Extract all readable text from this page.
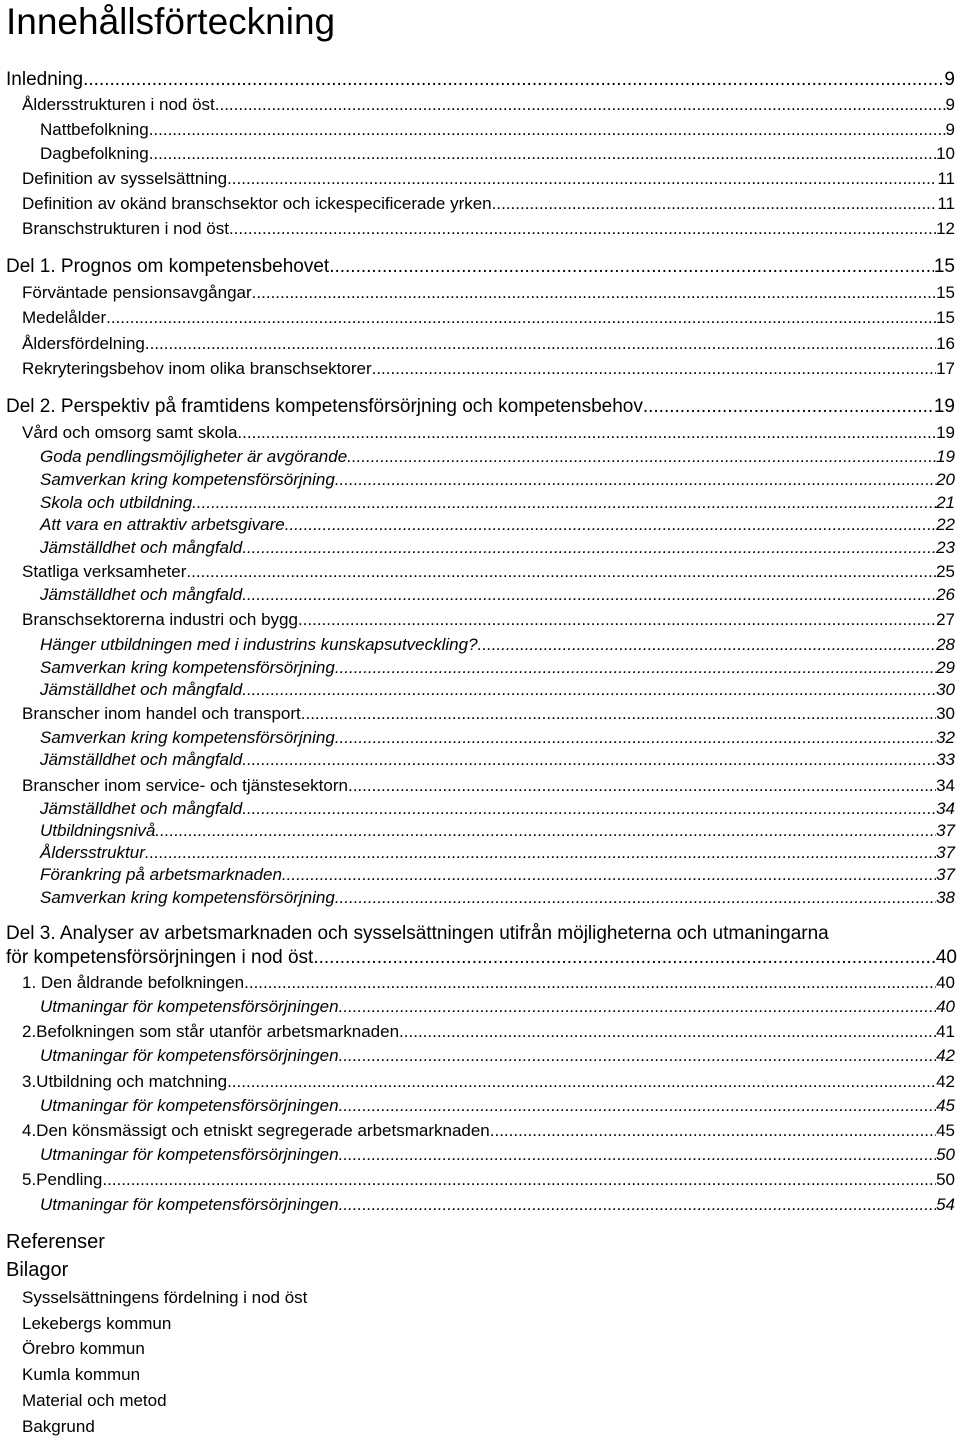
Innehållsförteckning
Inledning .....	9
Åldersstrukturen i nod öst. .....	9
Nattbefolkning .....	9
Dagbefolkning .....	10
Definition av sysselsättning .....	11
Definition av okänd branschsektor och ickespecificerade yrken .....	11
Branschstrukturen i nod öst .....	12
Del 1. Prognos om kompetensbehovet .....	15
Förväntade pensionsavgångar .....	15
Medelålder .....	15
Åldersfördelning .....	16
Rekryteringsbehov inom olika branschsektorer .....	17
Del 2. Perspektiv på framtidens kompetensförsörjning och kompetensbehov .....	19
Vård och omsorg samt skola .....	19
Goda pendlingsmöjligheter är avgörande .....	19
Samverkan kring kompetensförsörjning .....	20
Skola och utbildning .....	21
Att vara en attraktiv arbetsgivare .....	22
Jämställdhet och mångfald .....	23
Statliga verksamheter .....	25
Jämställdhet och mångfald .....	26
Branschsektorerna industri och bygg .....	27
Hänger utbildningen med i industrins kunskapsutveckling? .....	28
Samverkan kring kompetensförsörjning .....	29
Jämställdhet och mångfald .....	30
Branscher inom handel och transport .....	30
Samverkan kring kompetensförsörjning .....	32
Jämställdhet och mångfald .....	33
Branscher inom service- och tjänstesektorn .....	34
Jämställdhet och mångfald .....	34
Utbildningsnivå .....	37
Åldersstruktur .....	37
Förankring på arbetsmarknaden .....	37
Samverkan kring kompetensförsörjning .....	38
Del 3. Analyser av arbetsmarknaden och sysselsättningen utifrån möjligheterna och utmaningarna
för kompetensförsörjningen i nod öst .....	40
1. Den åldrande befolkningen .....	40
Utmaningar för kompetensförsörjningen .....	40
2.Befolkningen som står utanför arbetsmarknaden .....	41
Utmaningar för kompetensförsörjningen .....	42
3.Utbildning och matchning .....	42
Utmaningar för kompetensförsörjningen .....	45
4.Den könsmässigt och etniskt segregerade arbetsmarknaden .....	45
Utmaningar för kompetensförsörjningen .....	50
5.Pendling .....	50
Utmaningar för kompetensförsörjningen .....	54
Referenser
Bilagor
Sysselsättningens fördelning i nod öst
Lekebergs kommun
Örebro kommun
Kumla kommun
Material och metod
Bakgrund
